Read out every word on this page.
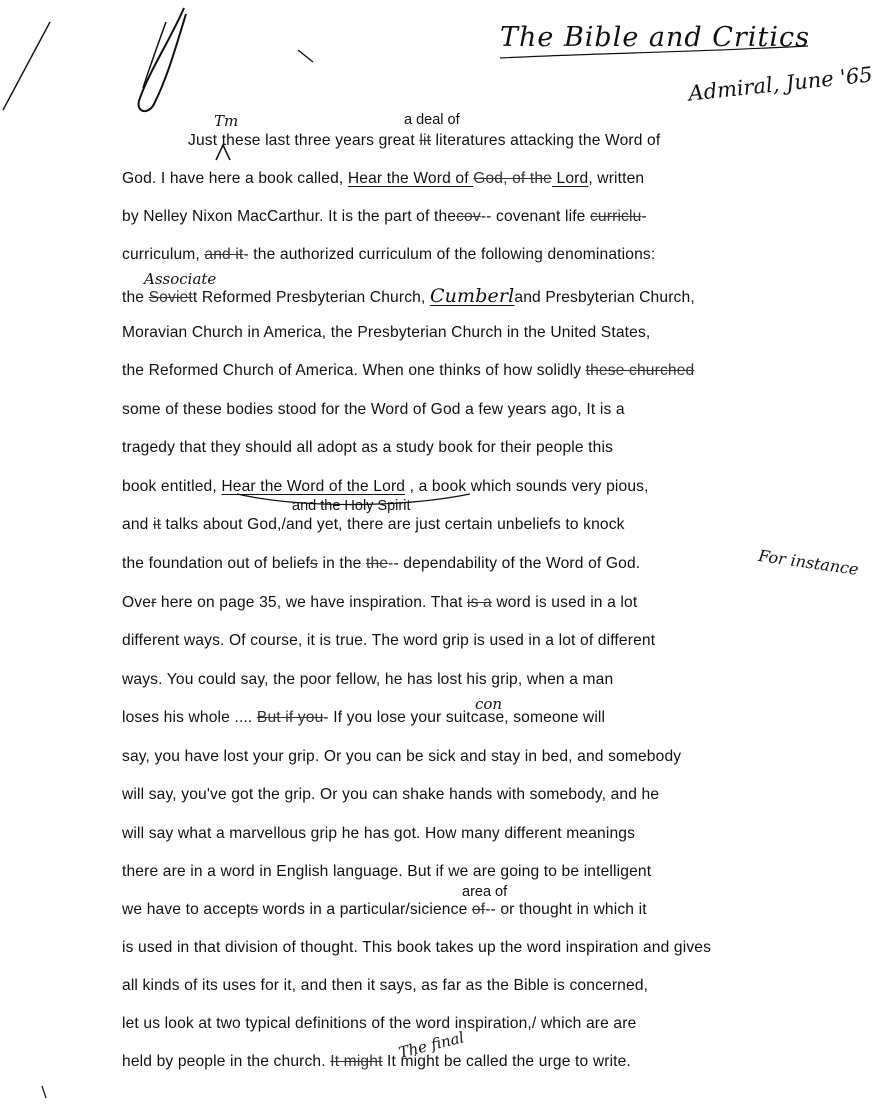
The Bible and Critics
Admiral, June '65
Tm	a deal of
Associate
and the Holy Spirit
con
area of
The final
For instance
Just these last three years great lit literatures attacking the Word of
God. I have here a book called, Hear the Word of God, of the Lord, written
by Nelley Nixon MacCarthur. It is the part of thecov-- covenant life curriclu-
curriculum, and it- the authorized curriculum of the following denominations:
the Soviett Reformed Presbyterian Church, Cumberland Presbyterian Church,
Moravian Church in America, the Presbyterian Church in the United States,
the Reformed Church of America. When one thinks of how solidly these churched
some of these bodies stood for the Word of God a few years ago, It is a
tragedy that they should all adopt as a study book for their people this
book entitled, Hear the Word of the Lord , a book which sounds very pious,
and it talks about God,/and yet, there are just certain unbeliefs to knock
the foundation out of beliefs in the the-- dependability of the Word of God.
Over here on page 35, we have inspiration. That is a word is used in a lot
different ways. Of course, it is true. The word grip is used in a lot of different
ways. You could say, the poor fellow, he has lost his grip, when a man
loses his whole .... But if you- If you lose your suitcase, someone will
say, you have lost your grip. Or you can be sick and stay in bed, and somebody
will say, you've got the grip. Or you can shake hands with somebody, and he
will say what a marvellous grip he has got. How many different meanings
there are in a word in English language. But if we are going to be intelligent
we have to accepts words in a particular/sicience of-- or thought in which it
is used in that division of thought. This book takes up the word inspiration and gives
all kinds of its uses for it, and then it says, as far as the Bible is concerned,
let us look at two typical definitions of the word inspiration,/ which are are
held by people in the church. It might It might be called the urge to write.
